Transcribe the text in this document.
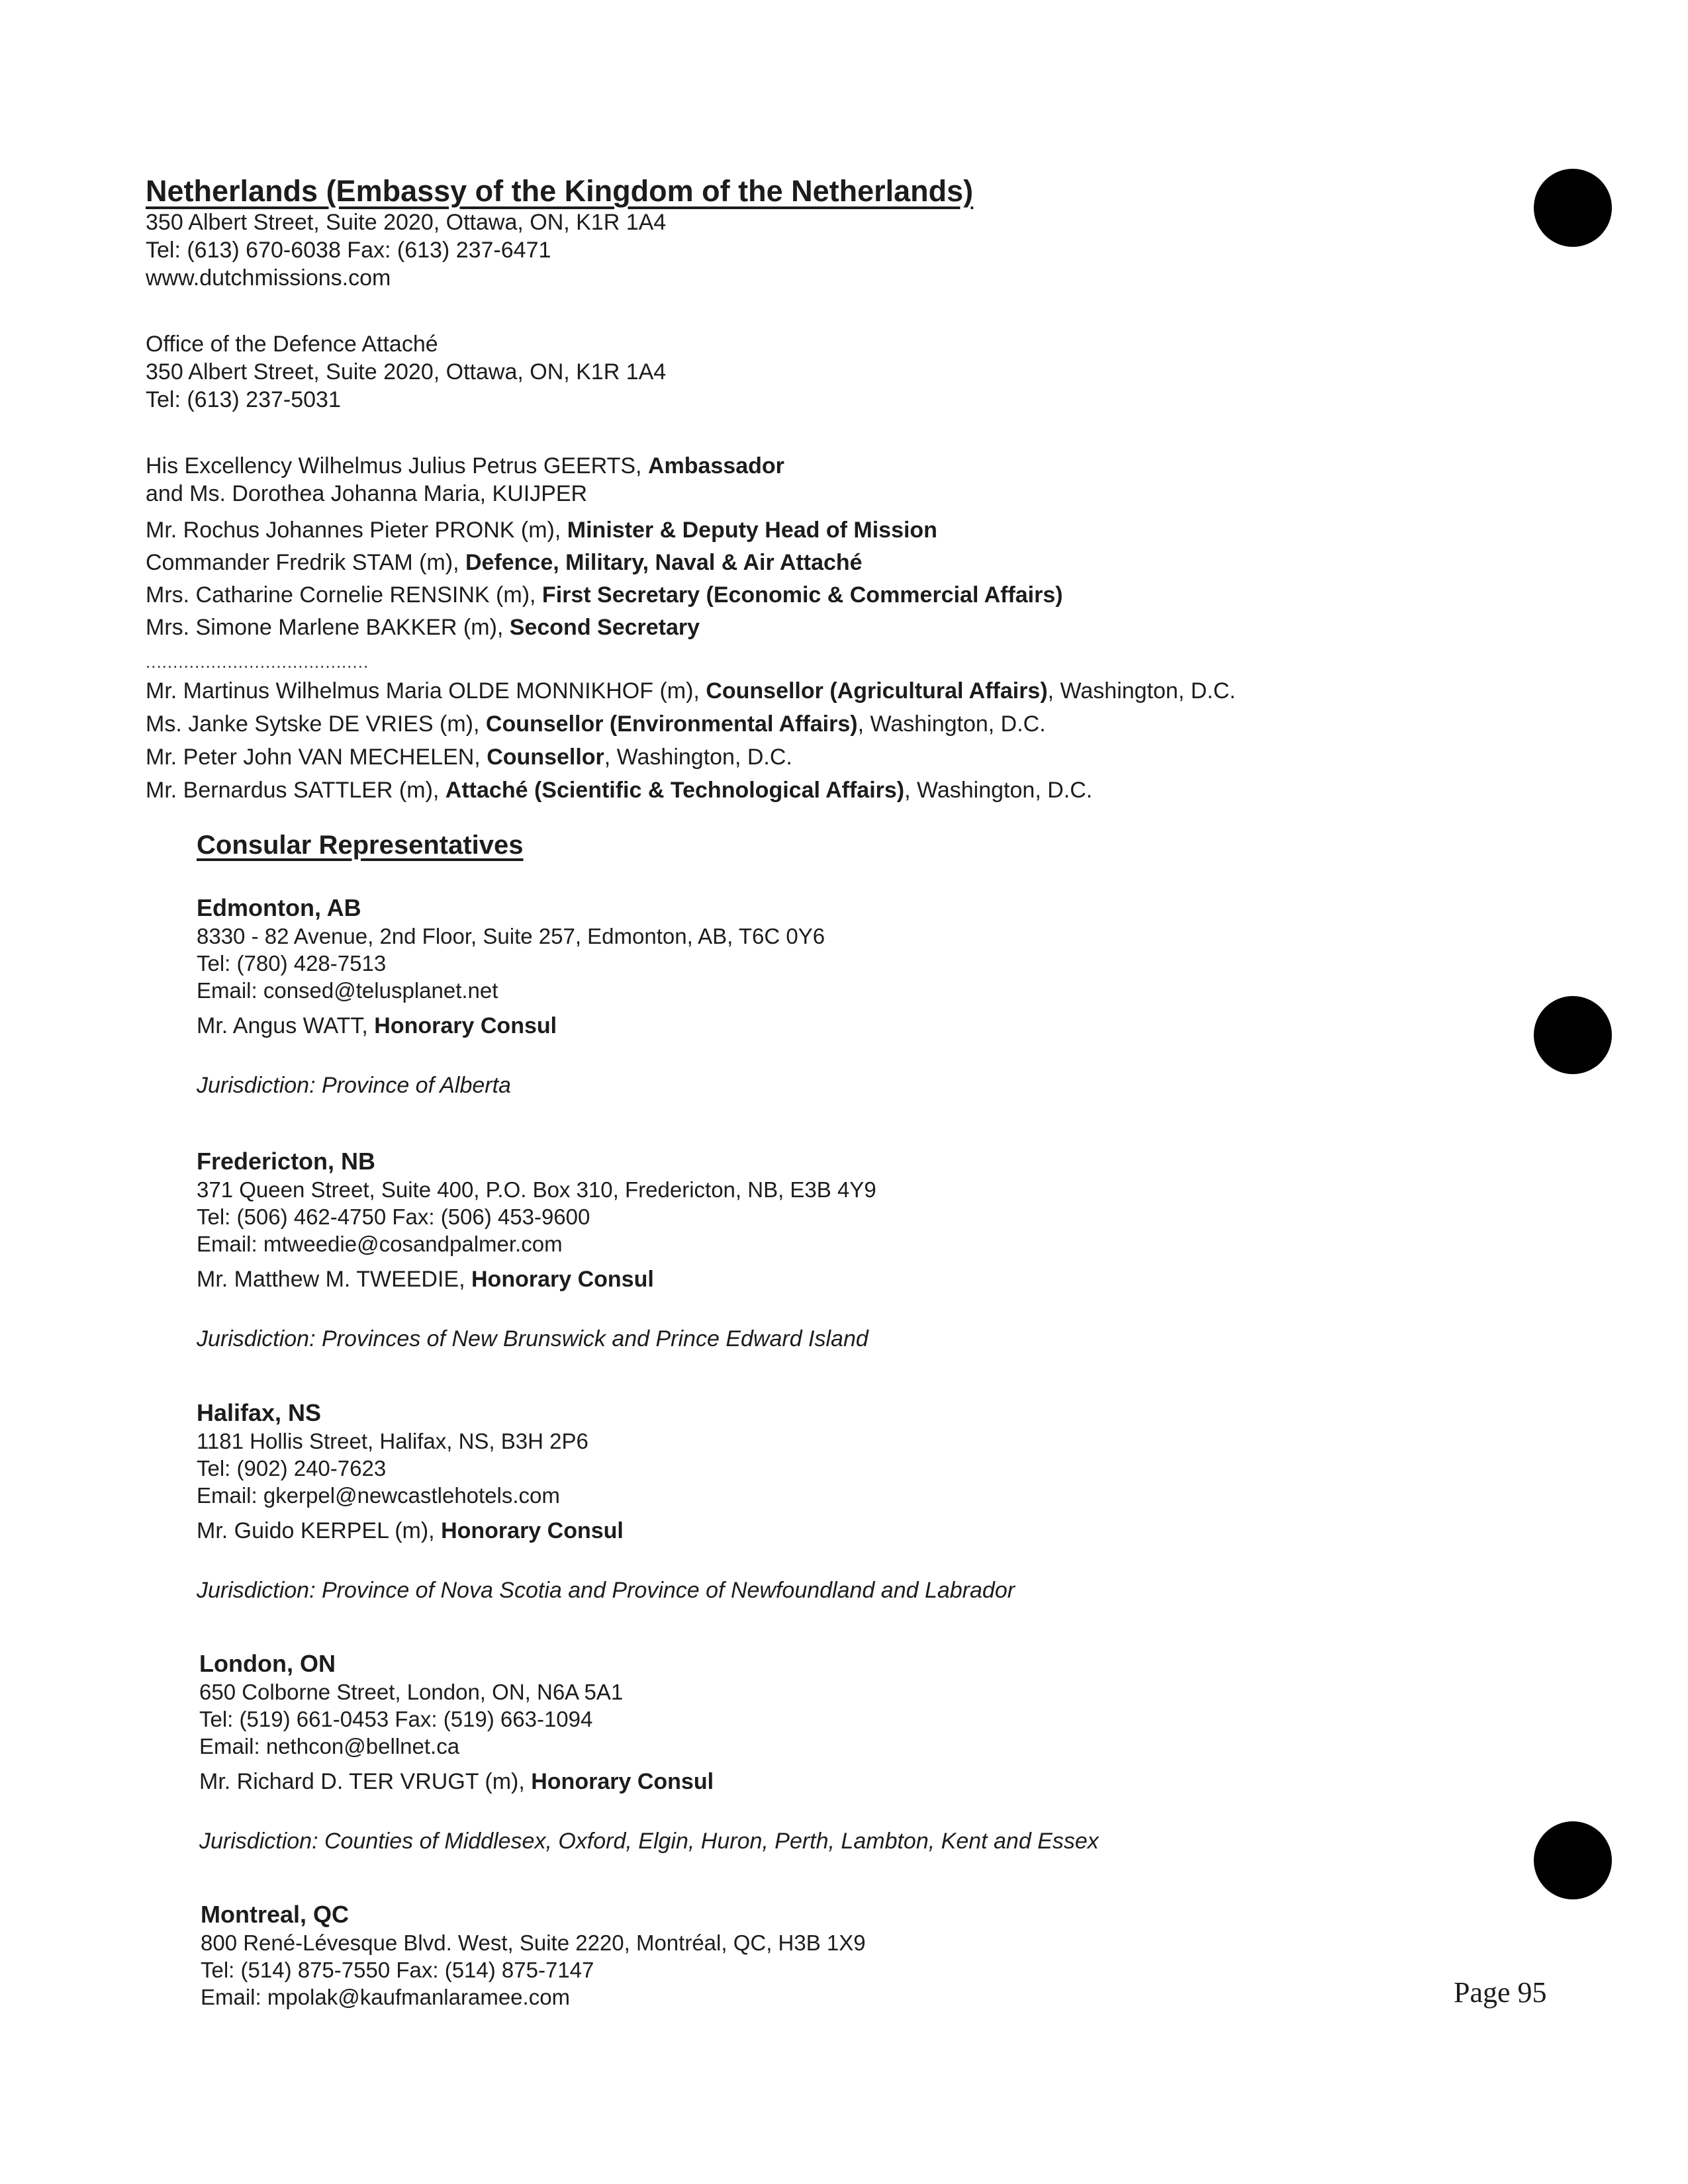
Netherlands (Embassy of the Kingdom of the Netherlands)
350 Albert Street, Suite 2020, Ottawa, ON, K1R 1A4
Tel: (613) 670-6038 Fax: (613) 237-6471
www.dutchmissions.com
Office of the Defence Attaché
350 Albert Street, Suite 2020, Ottawa, ON, K1R 1A4
Tel: (613) 237-5031
His Excellency Wilhelmus Julius Petrus GEERTS, Ambassador
and Ms. Dorothea Johanna Maria, KUIJPER
Mr. Rochus Johannes Pieter PRONK (m), Minister & Deputy Head of Mission
Commander Fredrik STAM (m), Defence, Military, Naval & Air Attaché
Mrs. Catharine Cornelie RENSINK (m), First Secretary (Economic & Commercial Affairs)
Mrs. Simone Marlene BAKKER (m), Second Secretary
.........................................
Mr. Martinus Wilhelmus Maria OLDE MONNIKHOF (m), Counsellor (Agricultural Affairs), Washington, D.C.
Ms. Janke Sytske DE VRIES (m), Counsellor (Environmental Affairs), Washington, D.C.
Mr. Peter John VAN MECHELEN, Counsellor, Washington, D.C.
Mr. Bernardus SATTLER (m), Attaché (Scientific & Technological Affairs), Washington, D.C.
Consular Representatives
Edmonton, AB
8330 - 82 Avenue, 2nd Floor, Suite 257, Edmonton, AB, T6C 0Y6
Tel: (780) 428-7513
Email: consed@telusplanet.net
Mr. Angus WATT, Honorary Consul
Jurisdiction: Province of Alberta
Fredericton, NB
371 Queen Street, Suite 400, P.O. Box 310, Fredericton, NB, E3B 4Y9
Tel: (506) 462-4750 Fax: (506) 453-9600
Email: mtweedie@cosandpalmer.com
Mr. Matthew M. TWEEDIE, Honorary Consul
Jurisdiction: Provinces of New Brunswick and Prince Edward Island
Halifax, NS
1181 Hollis Street, Halifax, NS, B3H 2P6
Tel: (902) 240-7623
Email: gkerpel@newcastlehotels.com
Mr. Guido KERPEL (m), Honorary Consul
Jurisdiction: Province of Nova Scotia and Province of Newfoundland and Labrador
London, ON
650 Colborne Street, London, ON, N6A 5A1
Tel: (519) 661-0453 Fax: (519) 663-1094
Email: nethcon@bellnet.ca
Mr. Richard D. TER VRUGT (m), Honorary Consul
Jurisdiction: Counties of Middlesex, Oxford, Elgin, Huron, Perth, Lambton, Kent and Essex
Montreal, QC
800 René-Lévesque Blvd. West, Suite 2220, Montréal, QC, H3B 1X9
Tel: (514) 875-7550 Fax: (514) 875-7147
Email: mpolak@kaufmanlaramee.com	Page 95
